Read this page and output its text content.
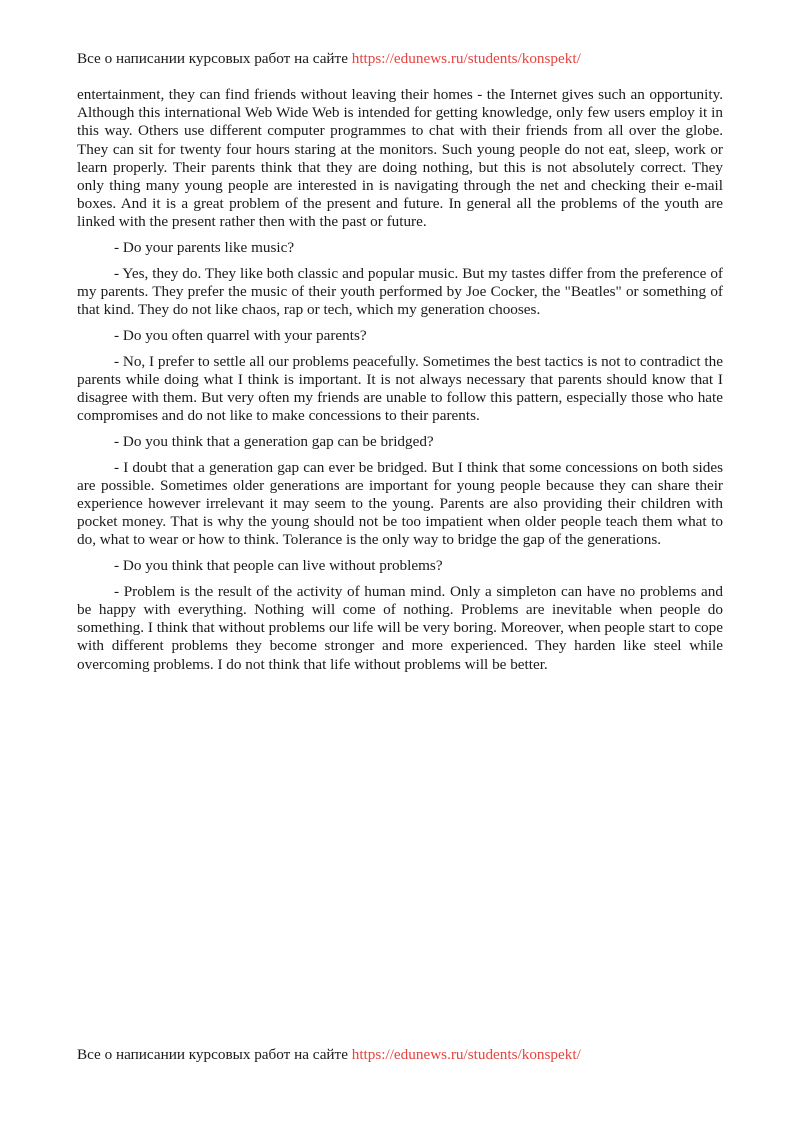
Все о написании курсовых работ на сайте https://edunews.ru/students/konspekt/

entertainment, they can find friends without leaving their homes - the Internet gives such an opportunity. Although this international Web Wide Web is intended for getting knowledge, only few users employ it in this way. Others use different computer programmes to chat with their friends from all over the globe. They can sit for twenty four hours staring at the monitors. Such young people do not eat, sleep, work or learn properly. Their parents think that they are doing nothing, but this is not absolutely correct. They only thing many young people are interested in is navigating through the net and checking their e-mail boxes. And it is a great problem of the present and future. In general all the problems of the youth are linked with the present rather then with the past or future.

- Do your parents like music?

- Yes, they do. They like both classic and popular music. But my tastes differ from the preference of my parents. They prefer the music of their youth performed by Joe Cocker, the "Beatles" or something of that kind. They do not like chaos, rap or tech, which my generation chooses.

- Do you often quarrel with your parents?

- No, I prefer to settle all our problems peacefully. Sometimes the best tactics is not to contradict the parents while doing what I think is important. It is not always necessary that parents should know that I disagree with them. But very often my friends are unable to follow this pattern, especially those who hate compromises and do not like to make concessions to their parents.

- Do you think that a generation gap can be bridged?

- I doubt that a generation gap can ever be bridged. But I think that some concessions on both sides are possible. Sometimes older generations are important for young people because they can share their experience however irrelevant it may seem to the young. Parents are also providing their children with pocket money. That is why the young should not be too impatient when older people teach them what to do, what to wear or how to think. Tolerance is the only way to bridge the gap of the generations.

- Do you think that people can live without problems?

- Problem is the result of the activity of human mind. Only a simpleton can have no problems and be happy with everything. Nothing will come of nothing. Problems are inevitable when people do something. I think that without problems our life will be very boring. Moreover, when people start to cope with different problems they become stronger and more experienced. They harden like steel while overcoming problems. I do not think that life without problems will be better.

Все о написании курсовых работ на сайте https://edunews.ru/students/konspekt/
